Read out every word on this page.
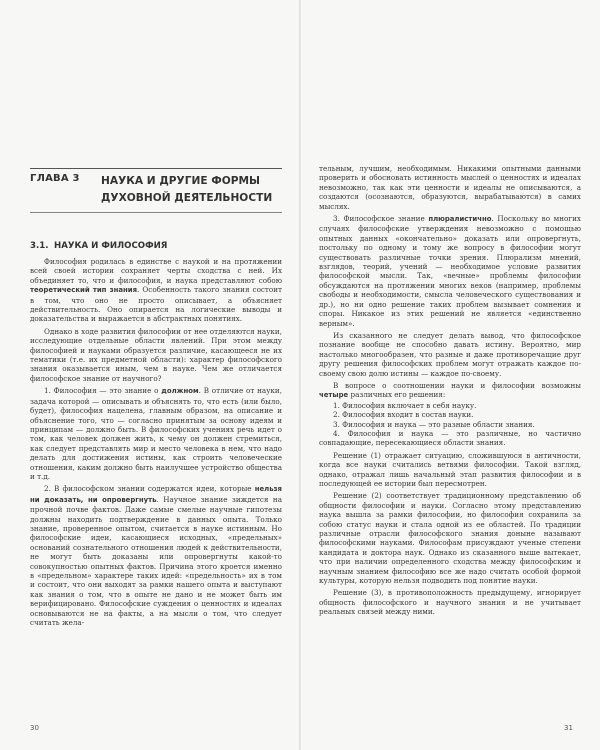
ГЛАВА 3 НАУКА И ДРУГИЕ ФОРМЫ ДУХОВНОЙ ДЕЯТЕЛЬНОСТИ
3.1. НАУКА И ФИЛОСОФИЯ

Философия родилась в единстве с наукой и на протяжении всей своей истории сохраняет черты сходства с ней. Их объединяет то, что и философия, и наука представляют собою теоретический тип знания. Особенность такого знания состоит в том, что оно не просто описывает, а объясняет действительность. Оно опирается на логические выводы и доказательства и выражается в абстрактных понятиях.

Однако в ходе развития философии от нее отделяются науки, исследующие отдельные области явлений. При этом между философией и науками образуется различие, касающееся не их тематики (т.е. их предметной области): характер философского знания оказывается иным, чем в науке. Чем же отличается философское знание от научного?

1. Философия — это знание о должном. В отличие от науки, задача которой — описывать и объяснять то, что есть (или было, будет), философия нацелена, главным образом, на описание и объяснение того, что — согласно принятым за основу идеям и принципам — должно быть. В философских учениях речь идет о том, как человек должен жить, к чему он должен стремиться, как следует представлять мир и место человека в нем, что надо делать для достижения истины, как строить человеческие отношения, каким должно быть наилучшее устройство общества и т.д.

2. В философском знании содержатся идеи, которые нельзя ни доказать, ни опровергнуть. Научное знание зиждется на прочной почве фактов. Даже самые смелые научные гипотезы должны находить подтверждение в данных опыта. Только знание, проверенное опытом, считается в науке истинным. Но философские идеи, касающиеся исходных, «предельных» оснований сознательного отношения людей к действительности, не могут быть доказаны или опровергнуты какой-то совокупностью опытных фактов. Причина этого кроется именно в «предельном» характере таких идей: «предельность» их в том и состоит, что они выходят за рамки нашего опыта и выступают как знания о том, что в опыте не дано и не может быть им верифицировано. Философские суждения о ценностях и идеалах основываются не на факты, а на мысли о том, что следует считать жела-

30

тельным, лучшим, необходимым. Никакими опытными данными проверить и обосновать истинность мыслей о ценностях и идеалах невозможно, так как эти ценности и идеалы не описываются, а создаются (осознаются, образуются, вырабатываются) в самих мыслях.

3. Философское знание плюралистично. Поскольку во многих случаях философские утверждения невозможно с помощью опытных данных «окончательно» доказать или опровергнуть, постольку по одному и тому же вопросу в философии могут существовать различные точки зрения. Плюрализм мнений, взглядов, теорий, учений — необходимое условие развития философской мысли. Так, «вечные» проблемы философии обсуждаются на протяжении многих веков (например, проблемы свободы и необходимости, смысла человеческого существования и др.), но ни одно решение таких проблем вызывает сомнения и споры. Никакое из этих решений не является «единственно верным».

Из сказанного не следует делать вывод, что философское познание вообще не способно давать истину. Вероятно, мир настолько многообразен, что разные и даже противоречащие друг другу решения философских проблем могут отражать каждое по-своему свою долю истины — каждое по-своему.

В вопросе о соотношении науки и философии возможны четыре различных его решения:

1. Философия включает в себя науку.

2. Философия входит в состав науки.

3. Философия и наука — это разные области знания.

4. Философия и наука — это различные, но частично совпадающие, пересекающиеся области знания.

Решение (1) отражает ситуацию, сложившуюся в античности, когда все науки считались ветвями философии. Такой взгляд, однако, отражал лишь начальный этап развития философии и в последующей ее истории был пересмотрен.

Решение (2) соответствует традиционному представлению об общности философии и науки. Согласно этому представлению наука вышла за рамки философии, но философия сохранила за собою статус науки и стала одной из ее областей. По традиции различные отрасли философского знания доныне называют философскими науками. Философам присуждают ученые степени кандидата и доктора наук. Однако из сказанного выше вытекает, что при наличии определенного сходства между философским и научным знанием философию все же надо считать особой формой культуры, которую нельзя подводить под понятие науки.

Решение (3), в противоположность предыдущему, игнорирует общность философского и научного знания и не учитывает реальных связей между ними.

31
